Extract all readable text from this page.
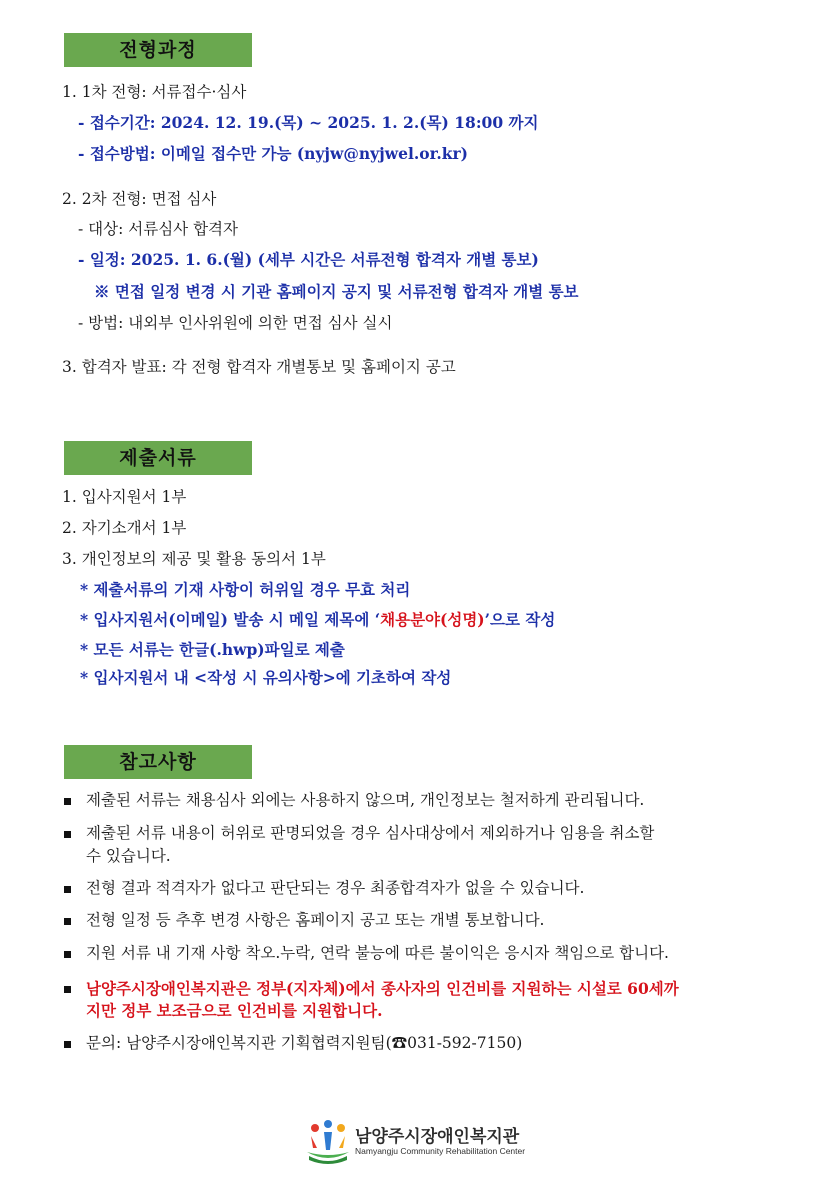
전형과정
1. 1차 전형: 서류접수·심사
- 접수기간: 2024. 12. 19.(목) ~ 2025. 1. 2.(목) 18:00 까지
- 접수방법: 이메일 접수만 가능 (nyjw@nyjwel.or.kr)
2. 2차 전형: 면접 심사
- 대상: 서류심사 합격자
- 일정: 2025. 1. 6.(월) (세부 시간은 서류전형 합격자 개별 통보)
※ 면접 일정 변경 시 기관 홈페이지 공지 및 서류전형 합격자 개별 통보
- 방법: 내외부 인사위원에 의한 면접 심사 실시
3. 합격자 발표: 각 전형 합격자 개별통보 및 홈페이지 공고
제출서류
1. 입사지원서 1부
2. 자기소개서 1부
3. 개인정보의 제공 및 활용 동의서 1부
* 제출서류의 기재 사항이 허위일 경우 무효 처리
* 입사지원서(이메일) 발송 시 메일 제목에 ‘채용분야(성명)’으로 작성
* 모든 서류는 한글(.hwp)파일로 제출
* 입사지원서 내 <작성 시 유의사항>에 기초하여 작성
참고사항
제출된 서류는 채용심사 외에는 사용하지 않으며, 개인정보는 철저하게 관리됩니다.
제출된 서류 내용이 허위로 판명되었을 경우 심사대상에서 제외하거나 임용을 취소할
수 있습니다.
전형 결과 적격자가 없다고 판단되는 경우 최종합격자가 없을 수 있습니다.
전형 일정 등 추후 변경 사항은 홈페이지 공고 또는 개별 통보합니다.
지원 서류 내 기재 사항 착오.누락, 연락 불능에 따른 불이익은 응시자 책임으로 합니다.
남양주시장애인복지관은 정부(지자체)에서 종사자의 인건비를 지원하는 시설로 60세까
지만 정부 보조금으로 인건비를 지원합니다.
문의: 남양주시장애인복지관 기획협력지원팀(☎031-592-7150)
남양주시장애인복지관
Namyangju Community Rehabilitation Center
